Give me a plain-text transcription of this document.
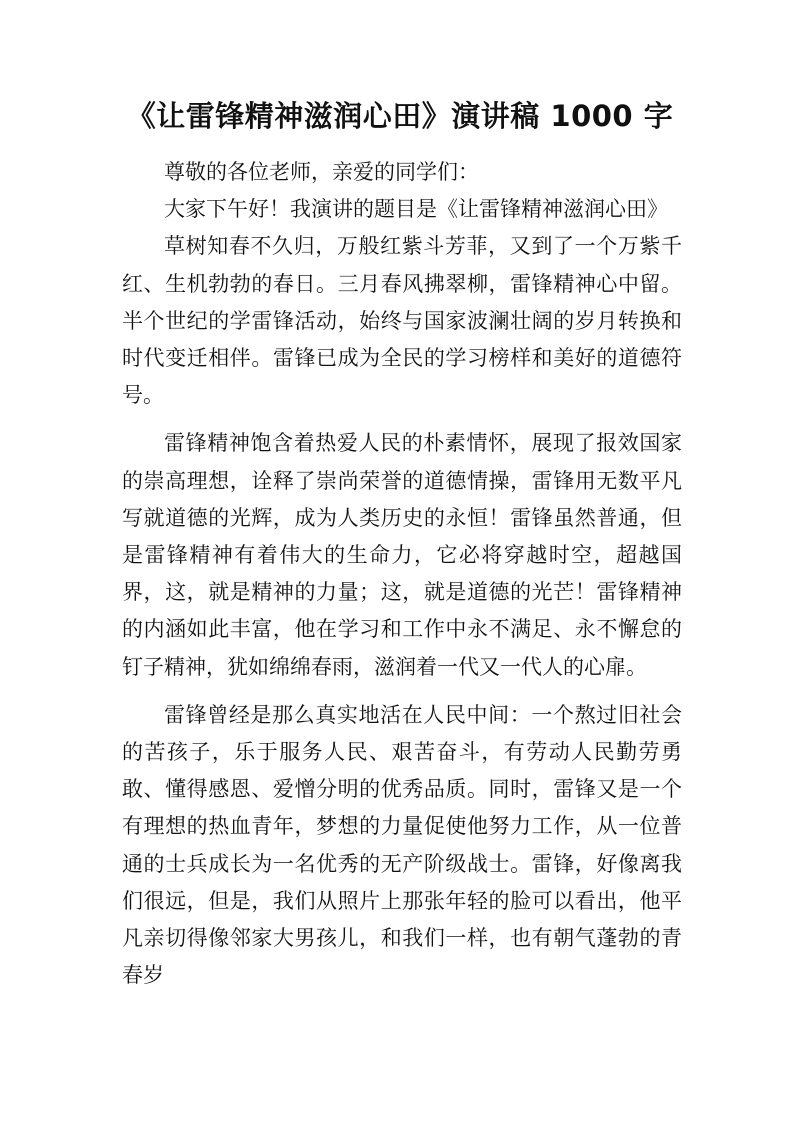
《让雷锋精神滋润心田》演讲稿 1000 字

尊敬的各位老师，亲爱的同学们：

大家下午好！我演讲的题目是《让雷锋精神滋润心田》

草树知春不久归，万般红紫斗芳菲，又到了一个万紫千红、生机勃勃的春日。三月春风拂翠柳，雷锋精神心中留。半个世纪的学雷锋活动，始终与国家波澜壮阔的岁月转换和时代变迁相伴。雷锋已成为全民的学习榜样和美好的道德符号。

雷锋精神饱含着热爱人民的朴素情怀，展现了报效国家的崇高理想，诠释了崇尚荣誉的道德情操，雷锋用无数平凡写就道德的光辉，成为人类历史的永恒！雷锋虽然普通，但是雷锋精神有着伟大的生命力，它必将穿越时空，超越国界，这，就是精神的力量；这，就是道德的光芒！雷锋精神的内涵如此丰富，他在学习和工作中永不满足、永不懈怠的钉子精神，犹如绵绵春雨，滋润着一代又一代人的心扉。

雷锋曾经是那么真实地活在人民中间：一个熬过旧社会的苦孩子，乐于服务人民、艰苦奋斗，有劳动人民勤劳勇敢、懂得感恩、爱憎分明的优秀品质。同时，雷锋又是一个有理想的热血青年，梦想的力量促使他努力工作，从一位普通的士兵成长为一名优秀的无产阶级战士。雷锋，好像离我们很远，但是，我们从照片上那张年轻的脸可以看出，他平凡亲切得像邻家大男孩儿，和我们一样，也有朝气蓬勃的青春岁
